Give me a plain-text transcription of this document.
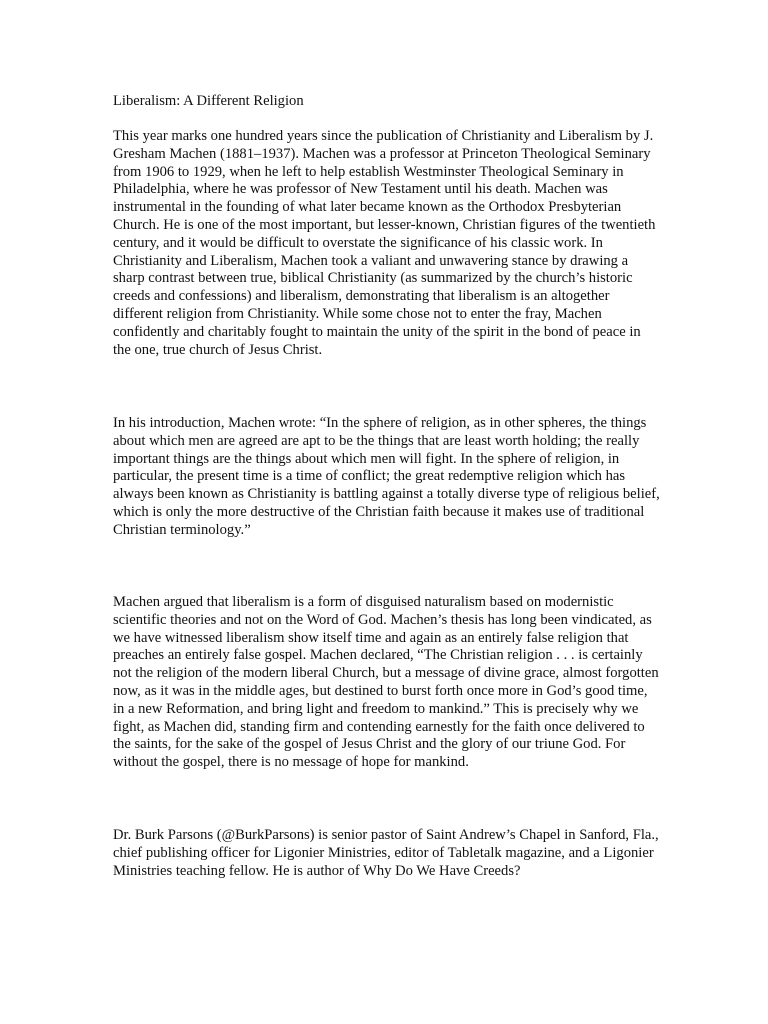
Liberalism: A Different Religion

This year marks one hundred years since the publication of Christianity and Liberalism by J. Gresham Machen (1881–1937). Machen was a professor at Princeton Theological Seminary from 1906 to 1929, when he left to help establish Westminster Theological Seminary in Philadelphia, where he was professor of New Testament until his death. Machen was instrumental in the founding of what later became known as the Orthodox Presbyterian Church. He is one of the most important, but lesser-known, Christian figures of the twentieth century, and it would be difficult to overstate the significance of his classic work. In Christianity and Liberalism, Machen took a valiant and unwavering stance by drawing a sharp contrast between true, biblical Christianity (as summarized by the church’s historic creeds and confessions) and liberalism, demonstrating that liberalism is an altogether different religion from Christianity. While some chose not to enter the fray, Machen confidently and charitably fought to maintain the unity of the spirit in the bond of peace in the one, true church of Jesus Christ.

In his introduction, Machen wrote: “In the sphere of religion, as in other spheres, the things about which men are agreed are apt to be the things that are least worth holding; the really important things are the things about which men will fight. In the sphere of religion, in particular, the present time is a time of conflict; the great redemptive religion which has always been known as Christianity is battling against a totally diverse type of religious belief, which is only the more destructive of the Christian faith because it makes use of traditional Christian terminology.”

Machen argued that liberalism is a form of disguised naturalism based on modernistic scientific theories and not on the Word of God. Machen’s thesis has long been vindicated, as we have witnessed liberalism show itself time and again as an entirely false religion that preaches an entirely false gospel. Machen declared, “The Christian religion . . . is certainly not the religion of the modern liberal Church, but a message of divine grace, almost forgotten now, as it was in the middle ages, but destined to burst forth once more in God’s good time, in a new Reformation, and bring light and freedom to mankind.” This is precisely why we fight, as Machen did, standing firm and contending earnestly for the faith once delivered to the saints, for the sake of the gospel of Jesus Christ and the glory of our triune God. For without the gospel, there is no message of hope for mankind.

Dr. Burk Parsons (@BurkParsons) is senior pastor of Saint Andrew’s Chapel in Sanford, Fla., chief publishing officer for Ligonier Ministries, editor of Tabletalk magazine, and a Ligonier Ministries teaching fellow. He is author of Why Do We Have Creeds?
